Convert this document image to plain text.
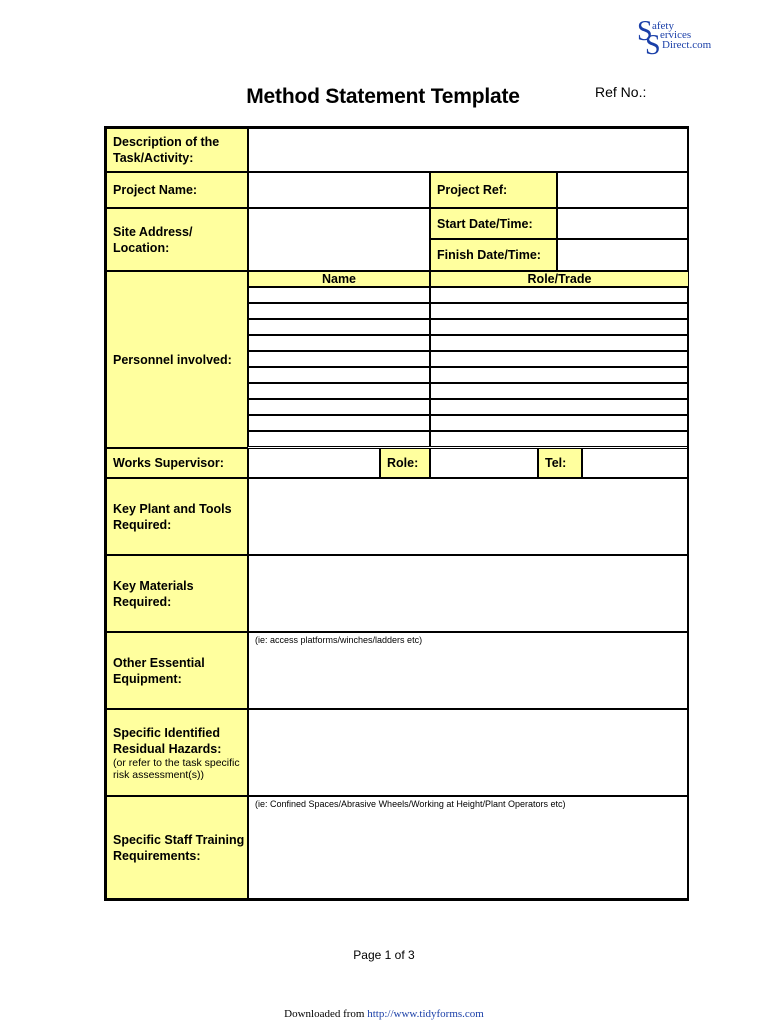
S
S
afety
ervices
Direct.com
Method Statement Template	Ref No.:
Description of the Task/Activity:
Project Name:	Project Ref:
Site Address/ Location:
Start Date/Time:
Finish Date/Time:
Personnel involved:
Name	Role/Trade
Works Supervisor:	Role:	Tel:
Key Plant and Tools Required:
Key Materials Required:
Other Essential Equipment:
(ie: access platforms/winches/ladders etc)
Specific Identified Residual Hazards:
(or refer to the task specific risk assessment(s))
Specific Staff Training Requirements:
(ie: Confined Spaces/Abrasive Wheels/Working at Height/Plant Operators etc)
Page 1 of 3
Downloaded from http://www.tidyforms.com
